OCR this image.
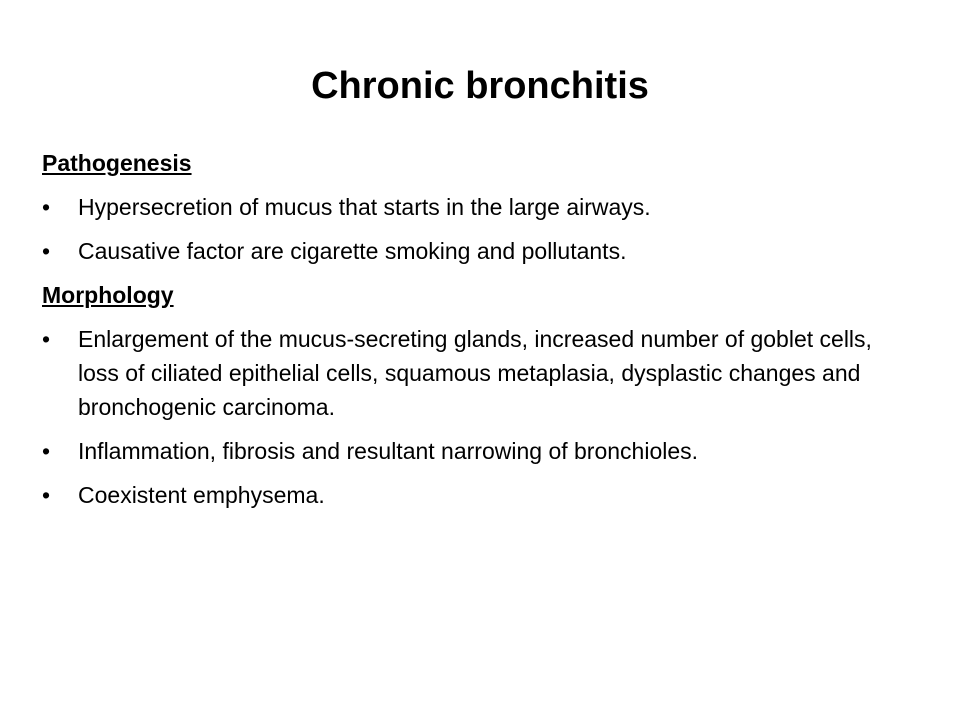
Chronic bronchitis
Pathogenesis
•	Hypersecretion of mucus that starts in the large airways.
•	Causative factor are cigarette smoking and pollutants.
Morphology
•	Enlargement of the mucus-secreting glands, increased number of goblet cells, loss of ciliated epithelial cells, squamous metaplasia, dysplastic changes and bronchogenic carcinoma.
•	Inflammation, fibrosis and resultant narrowing of bronchioles.
•	Coexistent emphysema.
